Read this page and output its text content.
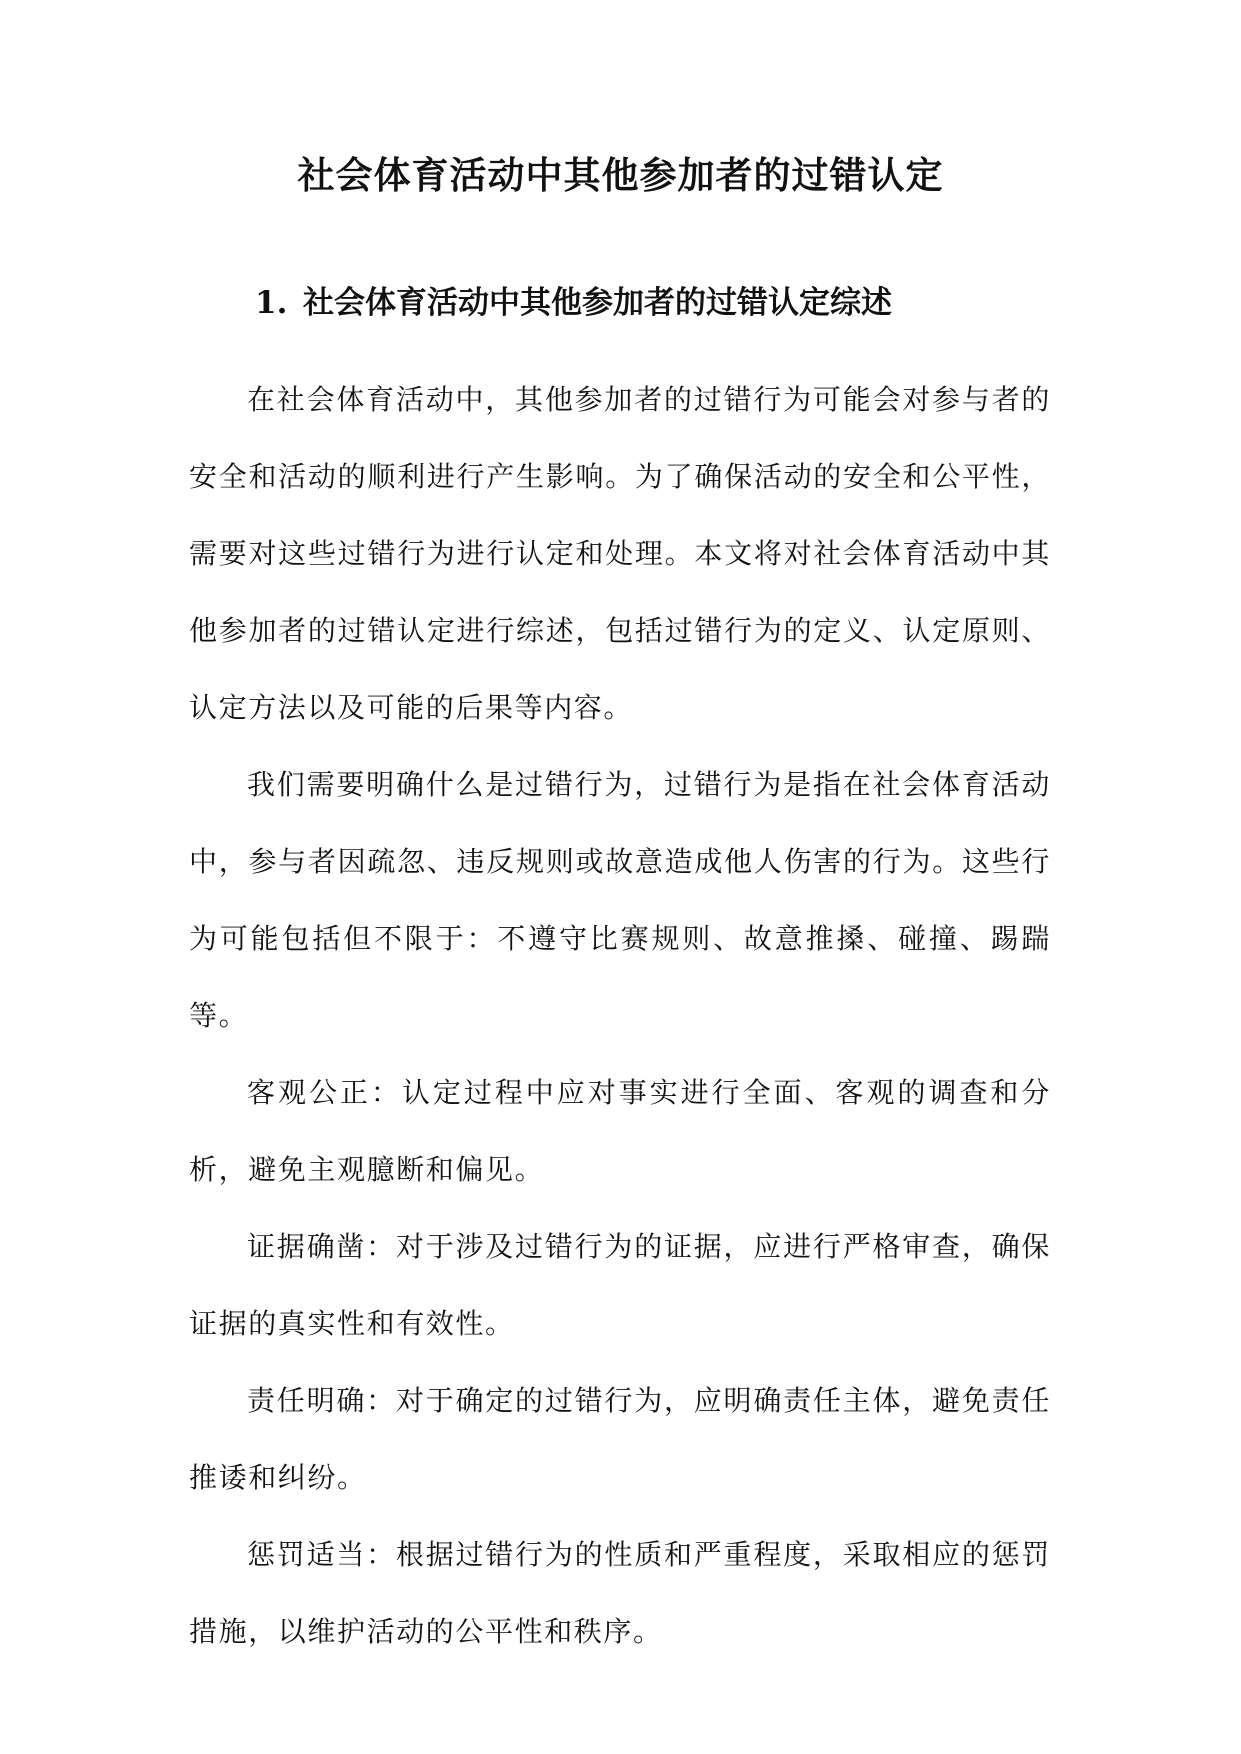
社会体育活动中其他参加者的过错认定
1. 社会体育活动中其他参加者的过错认定综述

在社会体育活动中，其他参加者的过错行为可能会对参与者的安全和活动的顺利进行产生影响。为了确保活动的安全和公平性，需要对这些过错行为进行认定和处理。本文将对社会体育活动中其他参加者的过错认定进行综述，包括过错行为的定义、认定原则、认定方法以及可能的后果等内容。

我们需要明确什么是过错行为，过错行为是指在社会体育活动中，参与者因疏忽、违反规则或故意造成他人伤害的行为。这些行为可能包括但不限于：不遵守比赛规则、故意推搡、碰撞、踢踹等。

客观公正：认定过程中应对事实进行全面、客观的调查和分析，避免主观臆断和偏见。

证据确凿：对于涉及过错行为的证据，应进行严格审查，确保证据的真实性和有效性。

责任明确：对于确定的过错行为，应明确责任主体，避免责任推诿和纠纷。

惩罚适当：根据过错行为的性质和严重程度，采取相应的惩罚措施，以维护活动的公平性和秩序。
